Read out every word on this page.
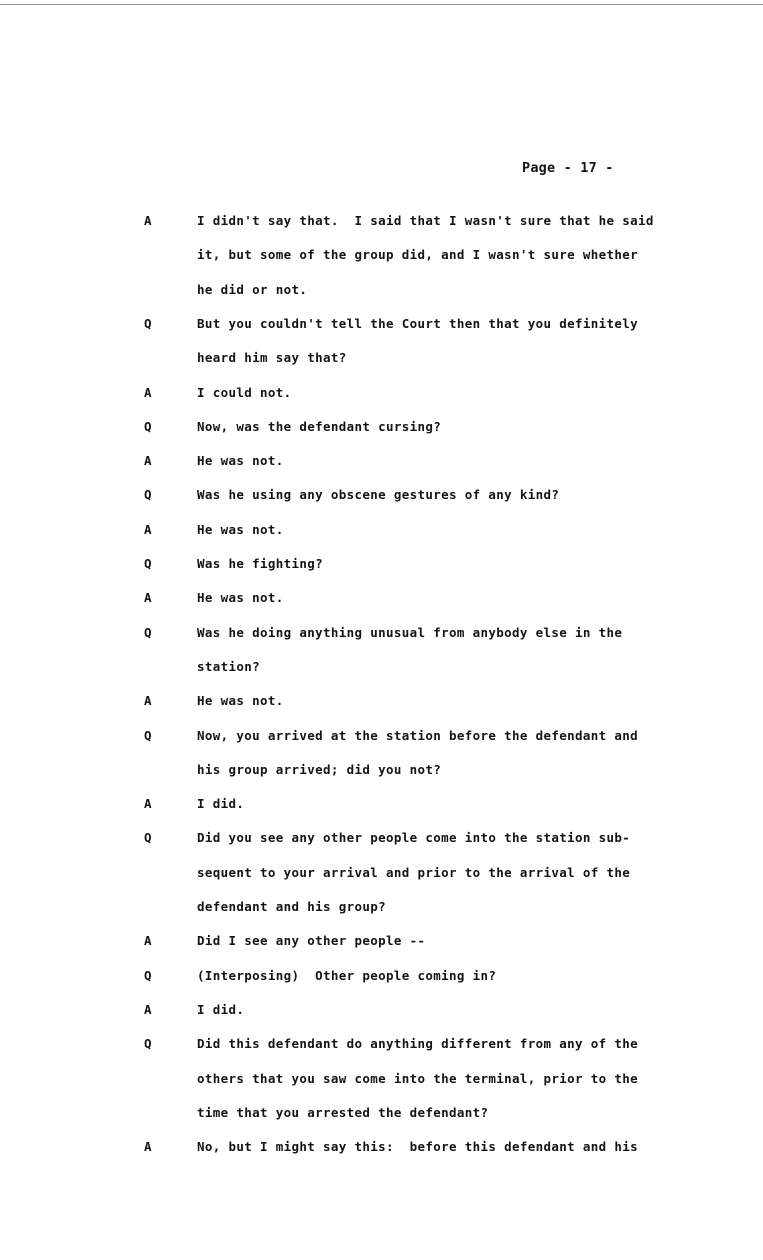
Page - 17 -
A	I didn't say that.  I said that I wasn't sure that he said
it, but some of the group did, and I wasn't sure whether
he did or not.
Q	But you couldn't tell the Court then that you definitely
heard him say that?
A	I could not.
Q	Now, was the defendant cursing?
A	He was not.
Q	Was he using any obscene gestures of any kind?
A	He was not.
Q	Was he fighting?
A	He was not.
Q	Was he doing anything unusual from anybody else in the
station?
A	He was not.
Q	Now, you arrived at the station before the defendant and
his group arrived; did you not?
A	I did.
Q	Did you see any other people come into the station sub-
sequent to your arrival and prior to the arrival of the
defendant and his group?
A	Did I see any other people --
Q	(Interposing)  Other people coming in?
A	I did.
Q	Did this defendant do anything different from any of the
others that you saw come into the terminal, prior to the
time that you arrested the defendant?
A	No, but I might say this:  before this defendant and his
